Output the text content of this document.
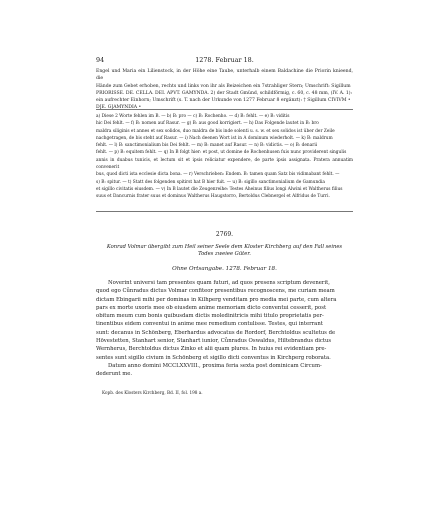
94	1278. Februar 18.

Engel und Maria ein Lilienstock, in der Höhe eine Taube, unterhalb einem Baldachine die Priorin knieend, die
Hände zum Gebet erhoben, rechts und links von ihr als Beizeichen ein 7strahliger Stern; Umschrift: Sigillum
PRIORISSE. DE. CELLA. DEI. APVT. GAMYNDA. 2) der Stadt Gmünd, schildförmig, c. 60, c. 48 mm, (IV. A. 1):
ein aufrechter Einhorn; Umschrift (s. T. nach der Urkunde von 1277 Februar 8 ergänzt): † Sigillum CIVIVM •
D[E. G]AMYNDIA •

a) Diese 2 Worte fehlen im B. — b) B: pro — c) B: Rochenho. — d) B: fehlt. — e) B: viditis
hic Dei fehlt. — f) B: nomen auf Rasur. — g) B: aus good korrigiert. — h) Das Folgende lautet in B: bro
maldra siliginis et annes et sex solidos, duo maldra de bis inde solenti u. s. w. et sex solidos ist über der Zeile
nachgetragen, de bis steht auf Rasur. — i) Nach deenen Wort ist in A dominum wiederholt. — k) B: maldrum
fehlt. — l) B: sanctimonialium bis Dei fehlt. — m) B: manet auf Rasur. — n) B: vidictis. — o) B: denarii
fehlt. — p) B: equitem fehlt. — q) In B folgt hier: et post, ut domine de Rochenhusen fuis nunc providerent singulis
annis in duabus tunicis, et lectum sit et ipsis reliciatur expendere, de parte ipsis assignata. Pratera annuatim convenerit
bus, quod dicti ista ecclesie dicta bona. — r) Verschrieben: Endem. B: tamen quam Satz bis vidimabant fehlt. —
s) B: spitur. — t) Statt des folgenden spitirst hat B hier fuit. — u) B: sigillo sanctimonialium de Gamundia
et sigillo civitatis eiusdem. — v) In B lautet die Zeugenreihe: Testes Aheinus filius longi Alwini et Waltherus filius
suus et Dancurnis frater suus et dominus Waltherus Haugstorro, Bertoldus Clebnergel et Alfridus de Turri.

2769.
Konrad Volmar übergibt zum Heil seiner Seele dem Kloster Kirchberg auf den Fall seines
Todes zweiee Güter.
Ohne Ortsangabe. 1278. Februar 18.
Noverint universi tam presentes quam futuri, ad quos presens scriptum devenerit,
quod ego Cůnradus dictus Volmar confiteor presentibus recognoscens, me curiam meam
dictam Ebingarii mihi per dominas in Kilhperg venditam pro media mei parte, cum altera
pars ex morte uxoris mee ob eiusdem anime memoriam dicto conventui cesserit, post
obitum meum cum bonis quibusdam dictis moledinitricis mihi titulo proprietatis per-
tinentibus eidem conventui in anime mee remedium contulisse. Testes, qui interrant
sunt: decanus in Schönberg, Eberhardus advocatus de Rordorf, Berchtoldus scultetus de
Hōvestetten, Stanhart senior, Stanhart iunior, Cůnradus Oswaldus, Hiltebrandus dictus
Wernherus, Berchtoldus dictus Zinko et alii quam plures. In huius rei evidentiam pre-
sentes sunt sigillo civium in Schönberg et sigillo dicti conventus in Kirchperg roborata.
Datum anno domini MCCLXXVIII., proxima feria sexta post dominicam Circum-
dederunt me.
Kopb. des Klosters Kirchberg, Bd. II, fol. 198 a.
